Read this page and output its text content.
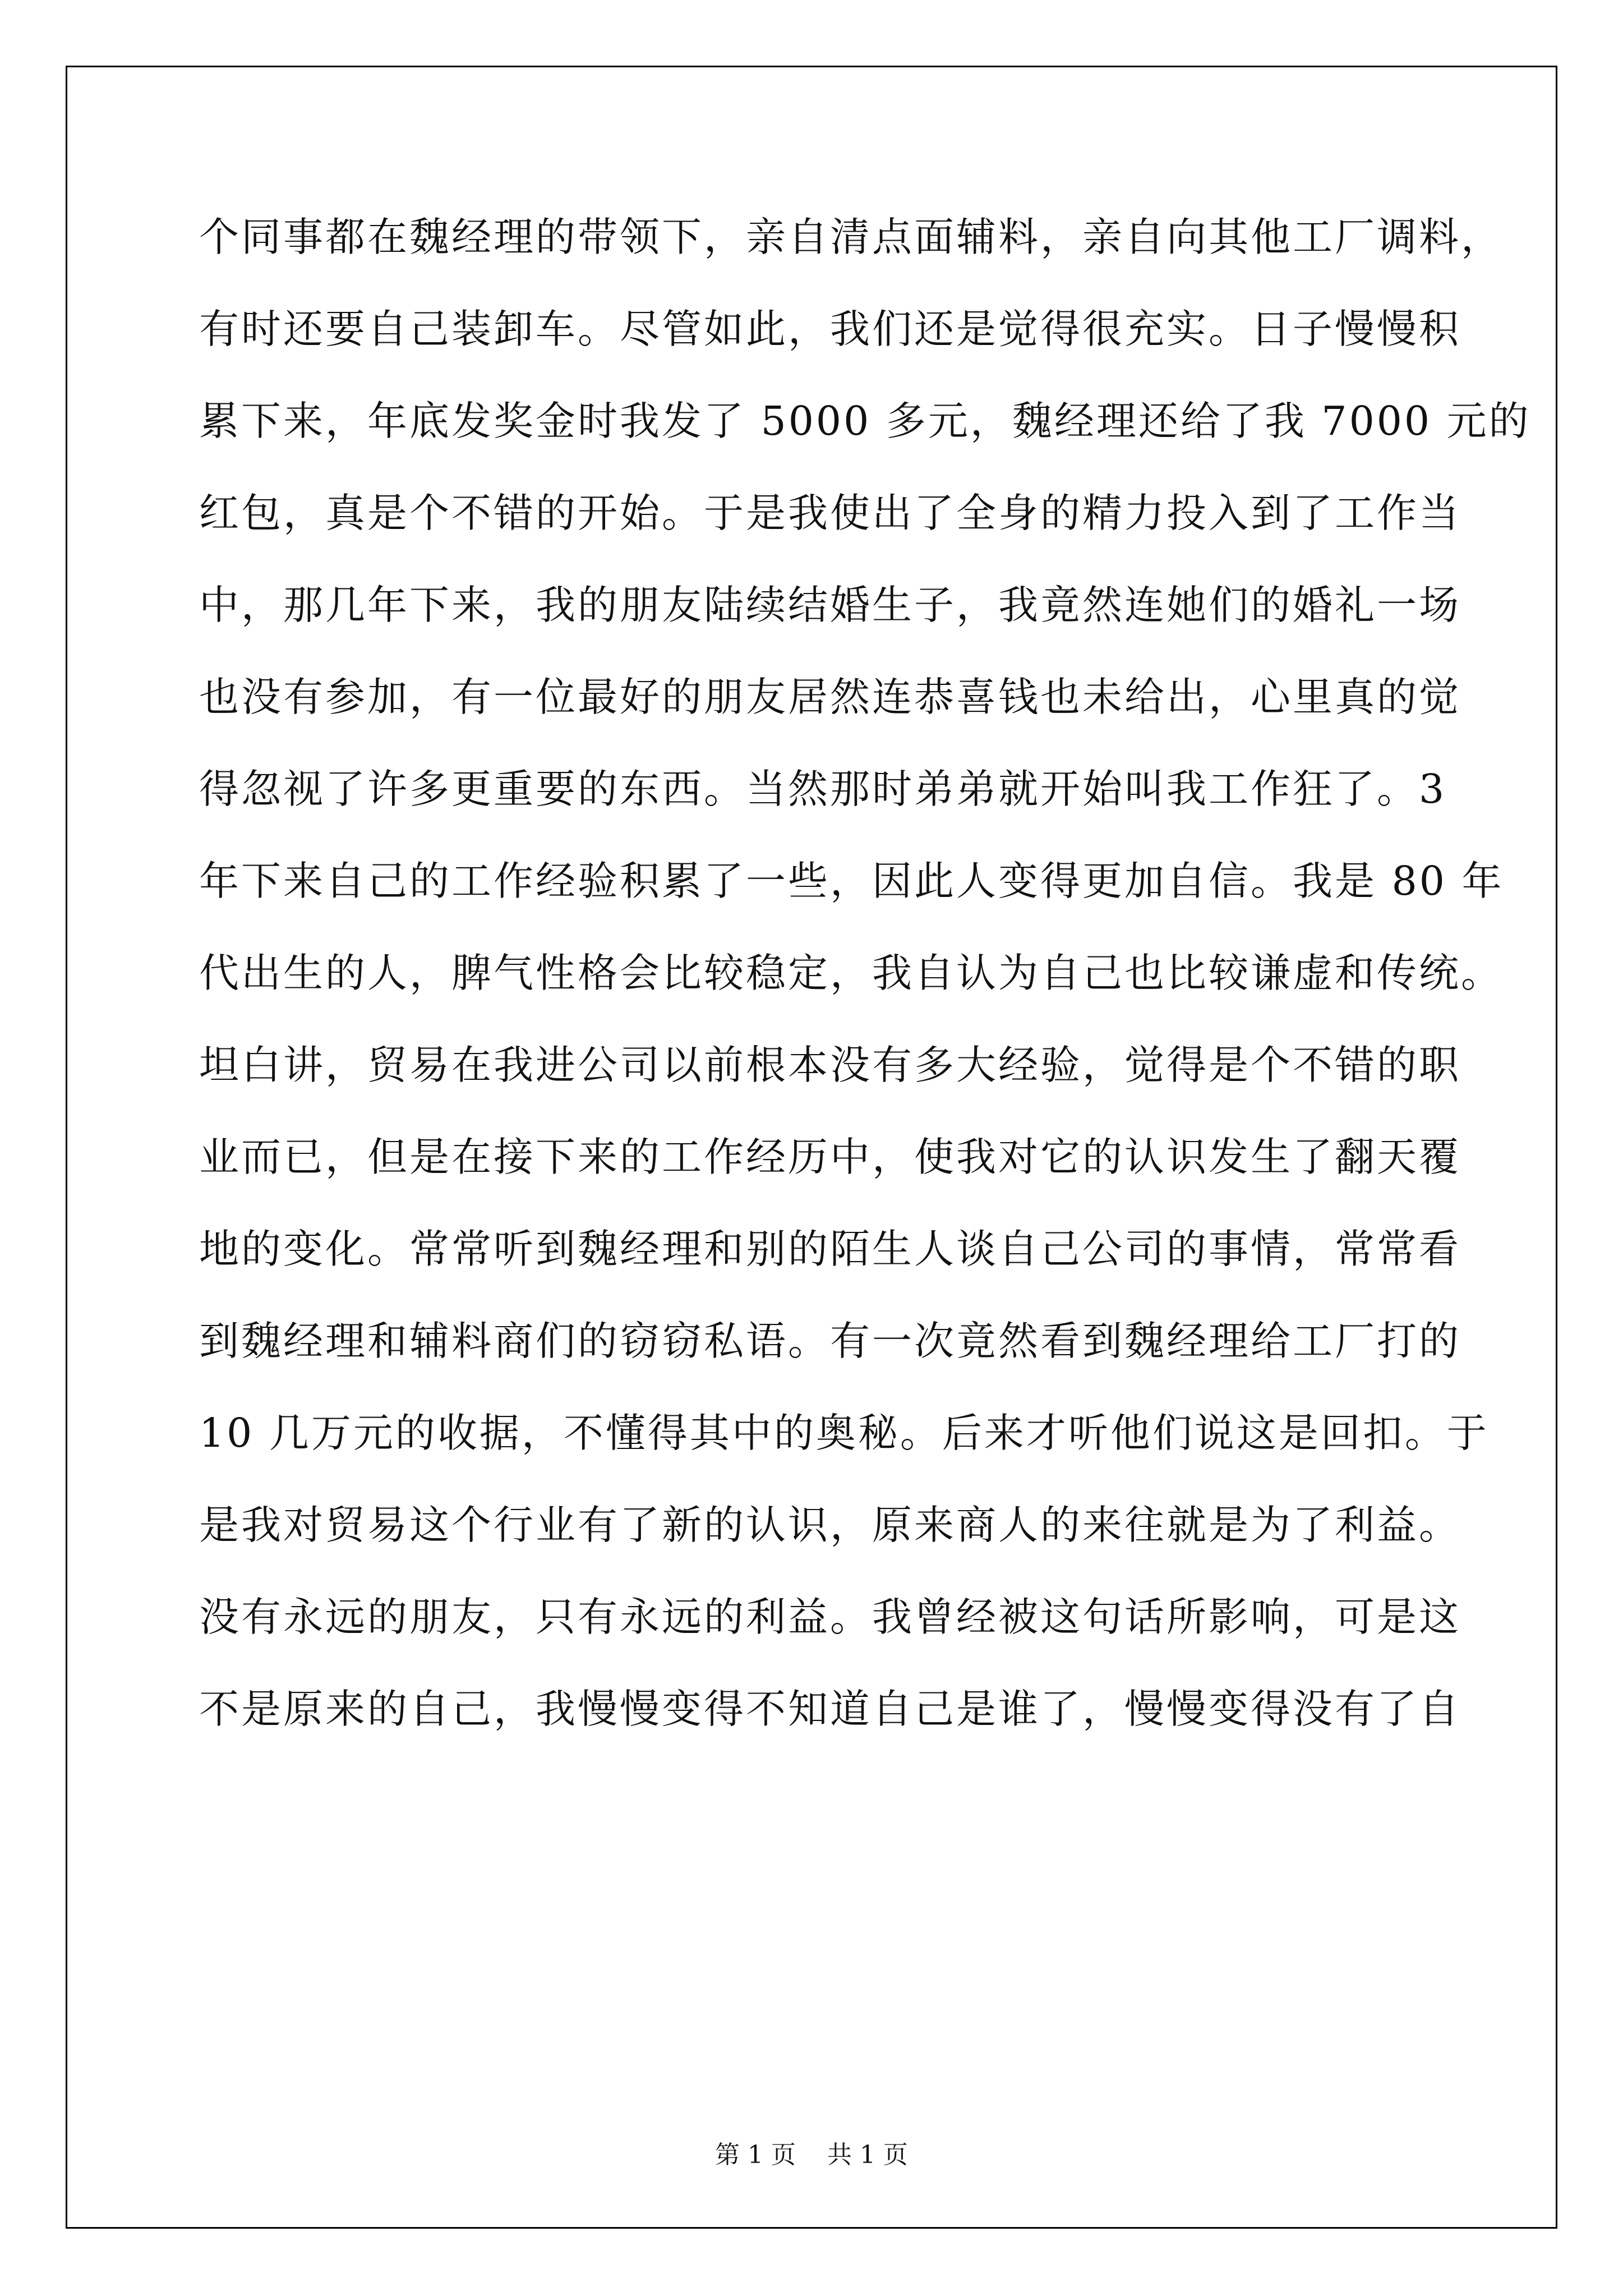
个同事都在魏经理的带领下，亲自清点面辅料，亲自向其他工厂调料，
有时还要自己装卸车。尽管如此，我们还是觉得很充实。日子慢慢积
累下来，年底发奖金时我发了 5000 多元，魏经理还给了我 7000 元的
红包，真是个不错的开始。于是我使出了全身的精力投入到了工作当
中，那几年下来，我的朋友陆续结婚生子，我竟然连她们的婚礼一场
也没有参加，有一位最好的朋友居然连恭喜钱也未给出，心里真的觉
得忽视了许多更重要的东西。当然那时弟弟就开始叫我工作狂了。3
年下来自己的工作经验积累了一些，因此人变得更加自信。我是 80 年
代出生的人，脾气性格会比较稳定，我自认为自己也比较谦虚和传统。
坦白讲，贸易在我进公司以前根本没有多大经验，觉得是个不错的职
业而已，但是在接下来的工作经历中，使我对它的认识发生了翻天覆
地的变化。常常听到魏经理和别的陌生人谈自己公司的事情，常常看
到魏经理和辅料商们的窃窃私语。有一次竟然看到魏经理给工厂打的
10 几万元的收据，不懂得其中的奥秘。后来才听他们说这是回扣。于
是我对贸易这个行业有了新的认识，原来商人的来往就是为了利益。
没有永远的朋友，只有永远的利益。我曾经被这句话所影响，可是这
不是原来的自己，我慢慢变得不知道自己是谁了，慢慢变得没有了自
第 1 页 共 1 页
